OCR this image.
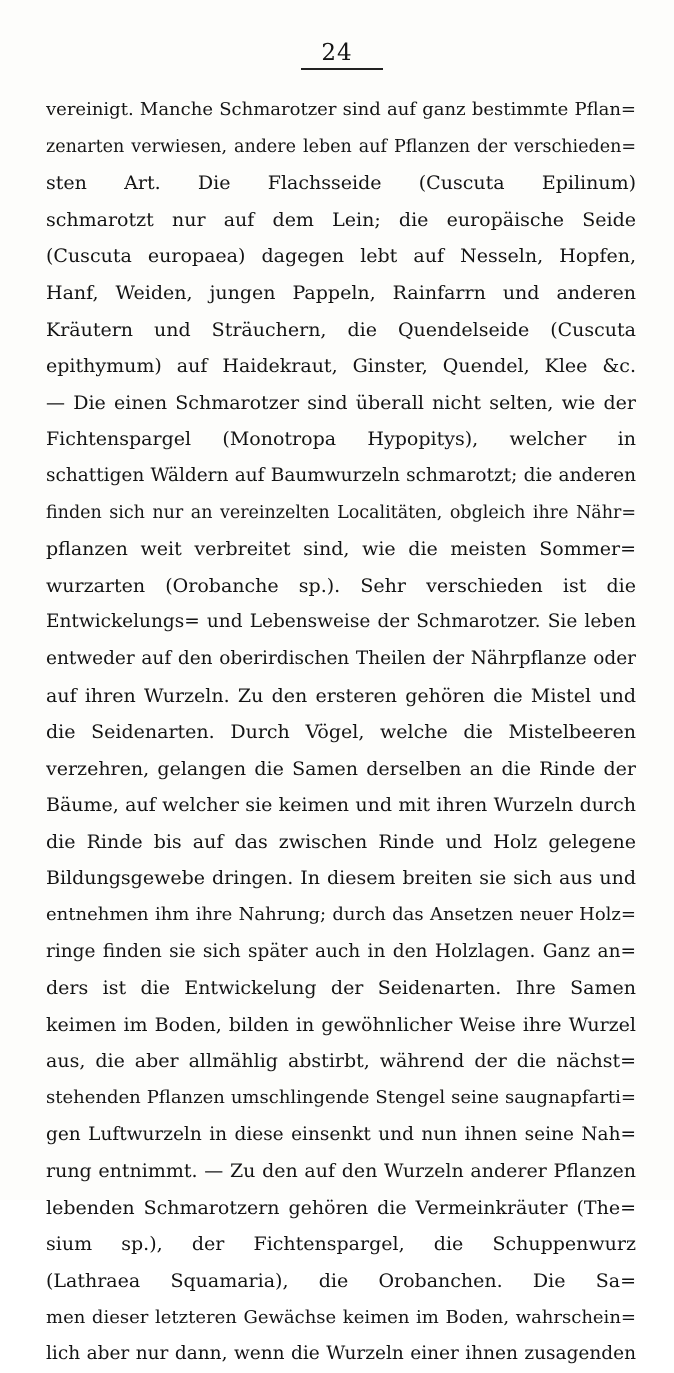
24
vereinigt. Manche Schmarotzer sind auf ganz bestimmte Pflan=
zenarten verwiesen, andere leben auf Pflanzen der verschieden=
sten Art. Die Flachsseide (Cuscuta Epilinum)
schmarotzt nur auf dem Lein; die europäische Seide
(Cuscuta europaea) dagegen lebt auf Nesseln, Hopfen,
Hanf, Weiden, jungen Pappeln, Rainfarrn und anderen
Kräutern und Sträuchern, die Quendelseide (Cuscuta
epithymum) auf Haidekraut, Ginster, Quendel, Klee &c.
— Die einen Schmarotzer sind überall nicht selten, wie der
Fichtenspargel (Monotropa Hypopitys), welcher in
schattigen Wäldern auf Baumwurzeln schmarotzt; die anderen
finden sich nur an vereinzelten Localitäten, obgleich ihre Nähr=
pflanzen weit verbreitet sind, wie die meisten Sommer=
wurzarten (Orobanche sp.). Sehr verschieden ist die
Entwickelungs= und Lebensweise der Schmarotzer. Sie leben
entweder auf den oberirdischen Theilen der Nährpflanze oder
auf ihren Wurzeln. Zu den ersteren gehören die Mistel und
die Seidenarten. Durch Vögel, welche die Mistelbeeren
verzehren, gelangen die Samen derselben an die Rinde der
Bäume, auf welcher sie keimen und mit ihren Wurzeln durch
die Rinde bis auf das zwischen Rinde und Holz gelegene
Bildungsgewebe dringen. In diesem breiten sie sich aus und
entnehmen ihm ihre Nahrung; durch das Ansetzen neuer Holz=
ringe finden sie sich später auch in den Holzlagen. Ganz an=
ders ist die Entwickelung der Seidenarten. Ihre Samen
keimen im Boden, bilden in gewöhnlicher Weise ihre Wurzel
aus, die aber allmählig abstirbt, während der die nächst=
stehenden Pflanzen umschlingende Stengel seine saugnapfarti=
gen Luftwurzeln in diese einsenkt und nun ihnen seine Nah=
rung entnimmt. — Zu den auf den Wurzeln anderer Pflanzen
lebenden Schmarotzern gehören die Vermeinkräuter (The=
sium sp.), der Fichtenspargel, die Schuppenwurz
(Lathraea Squamaria), die Orobanchen. Die Sa=
men dieser letzteren Gewächse keimen im Boden, wahrschein=
lich aber nur dann, wenn die Wurzeln einer ihnen zusagenden
